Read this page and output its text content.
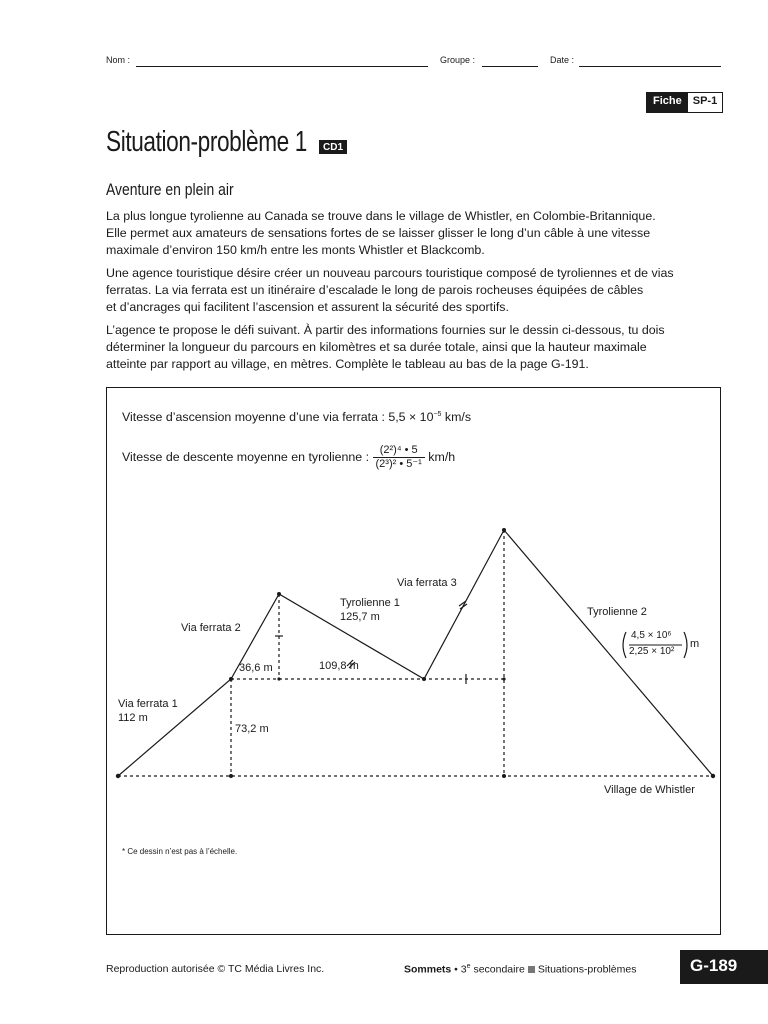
Nom :	Groupe :	Date :
Fiche	SP-1
Situation-problème 1	CD1
Aventure en plein air
La plus longue tyrolienne au Canada se trouve dans le village de Whistler, en Colombie-Britannique.
Elle permet aux amateurs de sensations fortes de se laisser glisser le long d’un câble à une vitesse
maximale d’environ 150 km/h entre les monts Whistler et Blackcomb.
Une agence touristique désire créer un nouveau parcours touristique composé de tyroliennes et de vias
ferratas. La via ferrata est un itinéraire d’escalade le long de parois rocheuses équipées de câbles
et d’ancrages qui facilitent l’ascension et assurent la sécurité des sportifs.
L’agence te propose le défi suivant. À partir des informations fournies sur le dessin ci-dessous, tu dois
déterminer la longueur du parcours en kilomètres et sa durée totale, ainsi que la hauteur maximale
atteinte par rapport au village, en mètres. Complète le tableau au bas de la page G-191.
Vitesse d’ascension moyenne d’une via ferrata : $5,5 \times 10^{-5}$ km/s
Vitesse de descente moyenne en tyrolienne : $\frac{\text{(2²)⁴ • 5}}{\text{(2³)² • 5⁻¹}} km/h$
Via ferrata 1
112 m
Via ferrata 2
Via ferrata 3
Tyrolienne 1
125,7 m	Tyrolienne 2
4,5 × 10⁶
2,25 × 10²
m
36,6 m	109,8 m
73,2 m
Village de Whistler
* Ce dessin n’est pas à l’échelle.
Reproduction autorisée © TC Média Livres Inc.	Sommets • 3e secondaire Situations-problèmes	G-189
